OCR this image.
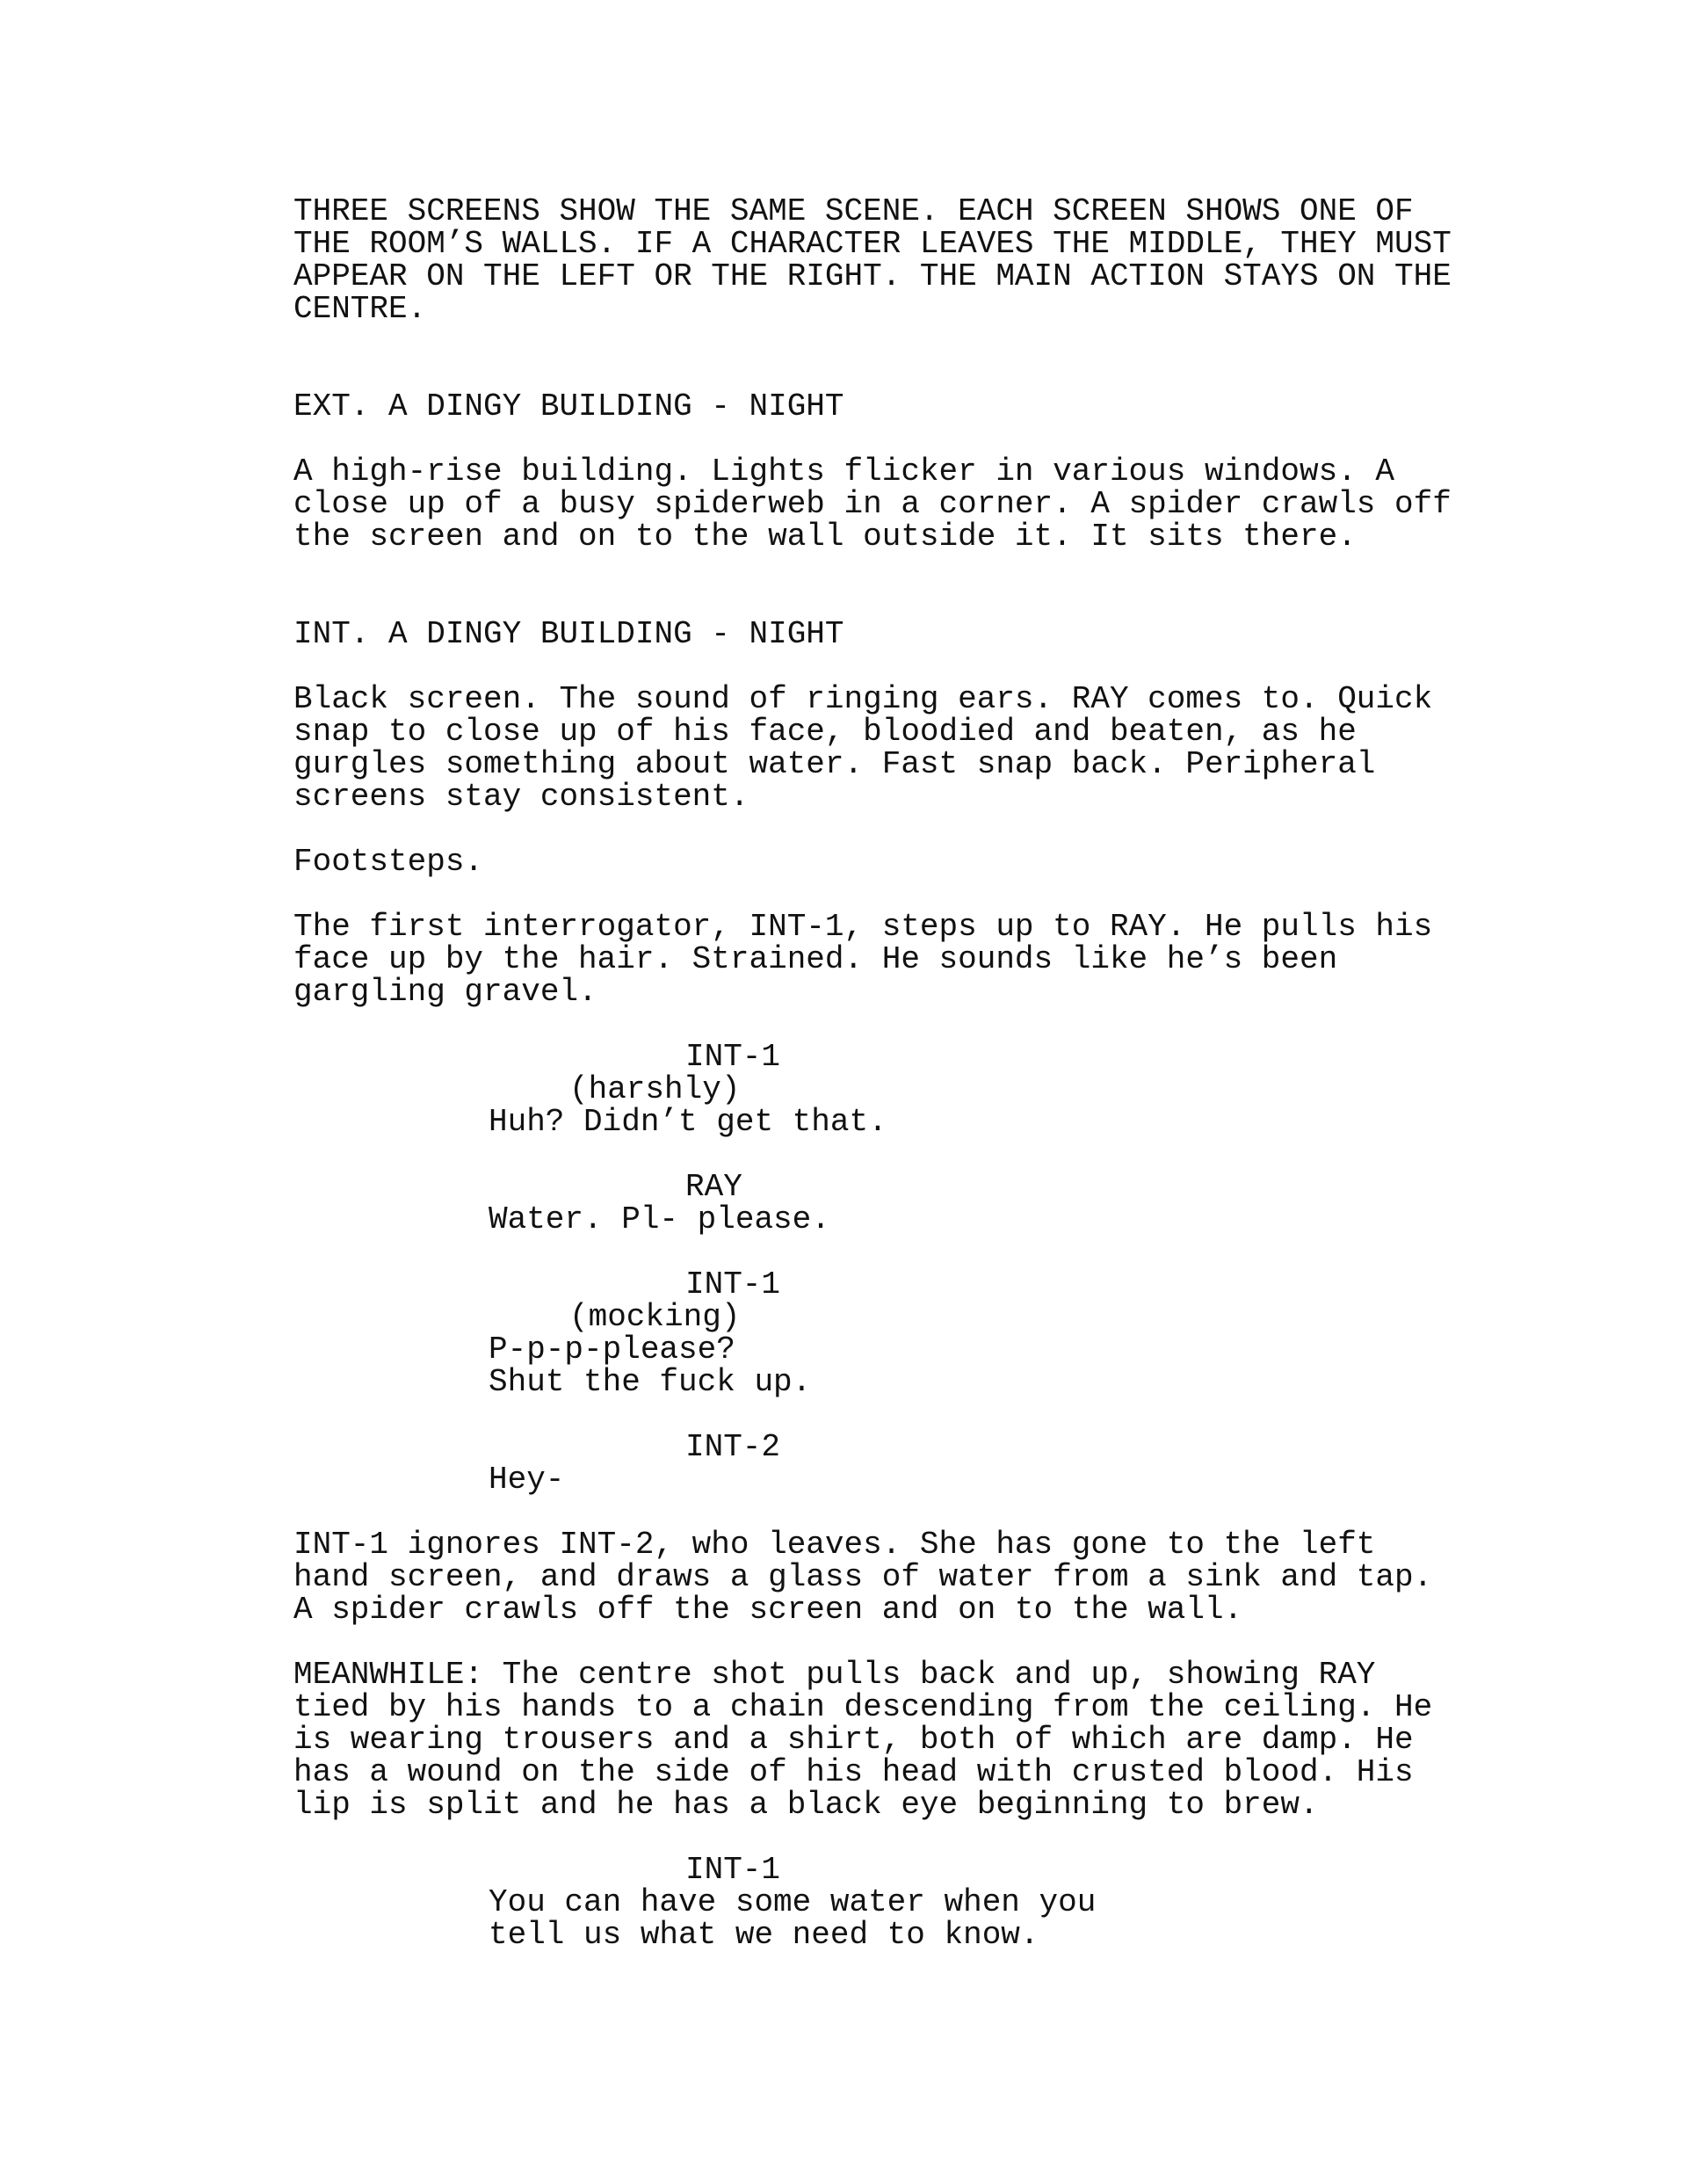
THREE SCREENS SHOW THE SAME SCENE. EACH SCREEN SHOWS ONE OF
THE ROOM’S WALLS. IF A CHARACTER LEAVES THE MIDDLE, THEY MUST
APPEAR ON THE LEFT OR THE RIGHT. THE MAIN ACTION STAYS ON THE
CENTRE.
EXT. A DINGY BUILDING - NIGHT
A high-rise building. Lights flicker in various windows. A
close up of a busy spiderweb in a corner. A spider crawls off
the screen and on to the wall outside it. It sits there.
INT. A DINGY BUILDING - NIGHT
Black screen. The sound of ringing ears. RAY comes to. Quick
snap to close up of his face, bloodied and beaten, as he
gurgles something about water. Fast snap back. Peripheral
screens stay consistent.
Footsteps.
The first interrogator, INT-1, steps up to RAY. He pulls his
face up by the hair. Strained. He sounds like he’s been
gargling gravel.
INT-1
(harshly)
Huh? Didn’t get that.
RAY
Water. Pl- please.
INT-1
(mocking)
P-p-p-please?
Shut the fuck up.
INT-2
Hey-
INT-1 ignores INT-2, who leaves. She has gone to the left
hand screen, and draws a glass of water from a sink and tap.
A spider crawls off the screen and on to the wall.
MEANWHILE: The centre shot pulls back and up, showing RAY
tied by his hands to a chain descending from the ceiling. He
is wearing trousers and a shirt, both of which are damp. He
has a wound on the side of his head with crusted blood. His
lip is split and he has a black eye beginning to brew.
INT-1
You can have some water when you
tell us what we need to know.
